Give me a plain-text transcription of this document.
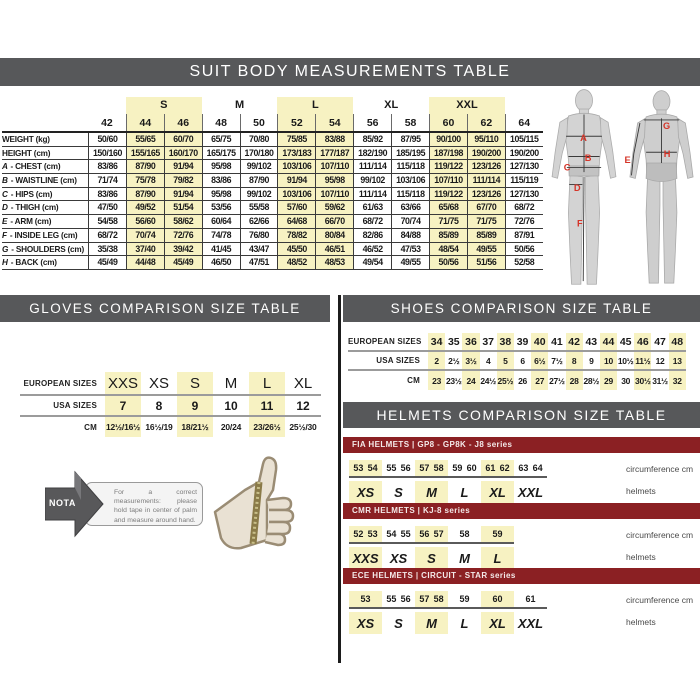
SUIT BODY MEASUREMENTS TABLE
S	M	L	XL	XXL
42	44	46	48	50	52	54	56	58	60	62	64
WEIGHT (kg)	50/60	55/65	60/70	65/75	70/80	75/85	83/88	85/92	87/95	90/100	95/110	105/115
HEIGHT (cm)	150/160	155/165	160/170	165/175	170/180	173/183	177/187	182/190	185/195	187/198	190/200	190/200
A - CHEST (cm)	83/86	87/90	91/94	95/98	99/102	103/106	107/110	111/114	115/118	119/122	123/126	127/130
B - WAISTLINE (cm)	71/74	75/78	79/82	83/86	87/90	91/94	95/98	99/102	103/106	107/110	111/114	115/119
C - HIPS (cm)	83/86	87/90	91/94	95/98	99/102	103/106	107/110	111/114	115/118	119/122	123/126	127/130
D - THIGH (cm)	47/50	49/52	51/54	53/56	55/58	57/60	59/62	61/63	63/66	65/68	67/70	68/72
E - ARM (cm)	54/58	56/60	58/62	60/64	62/66	64/68	66/70	68/72	70/74	71/75	71/75	72/76
F - INSIDE LEG (cm)	68/72	70/74	72/76	74/78	76/80	78/82	80/84	82/86	84/88	85/89	85/89	87/91
G - SHOULDERS (cm)	35/38	37/40	39/42	41/45	43/47	45/50	46/51	46/52	47/53	48/54	49/55	50/56
H - BACK (cm)	45/49	44/48	45/49	46/50	47/51	48/52	48/53	49/54	49/55	50/56	51/56	52/58
A
B
C
D
F
G
E
H
GLOVES COMPARISON SIZE TABLE	SHOES COMPARISON SIZE TABLE
EUROPEAN SIZES XXS XS	S	M	L	XL
USA SIZES	7	8	9	10	11	12
CM	12½/16½ 16½/19	18/21½	20/24	23/26½	25½/30
EUROPEAN SIZES 34 35 36 37 38 39 40 41 42 43 44 45 46 47 48
USA SIZES	2	2½ 3½	4	5	6	6½ 7½	8	9	10 10½ 11½ 12 13
CM	23 23½ 24 24½ 25½ 26 27 27½ 28 28½ 29 30 30½ 31½ 32
For a correct measurements: please hold tape in center of palm and measure around hand.
NOTA
HELMETS COMPARISON SIZE TABLE
FIA HELMETS | GP8 - GP8K - J8 series
53 54 55 56 57 58 59 60 61 62 63 64
XS	S	M	L	XL XXL
circumference cm
helmets
CMR HELMETS | KJ-8 series
52 53 54 55 56 57 58	59
XXS XS	S	M	L
circumference cm
helmets
ECE HELMETS | CIRCUIT - STAR series
53 55 56 57 58 59	60	61
XS	S	M	L	XL XXL
circumference cm
helmets
